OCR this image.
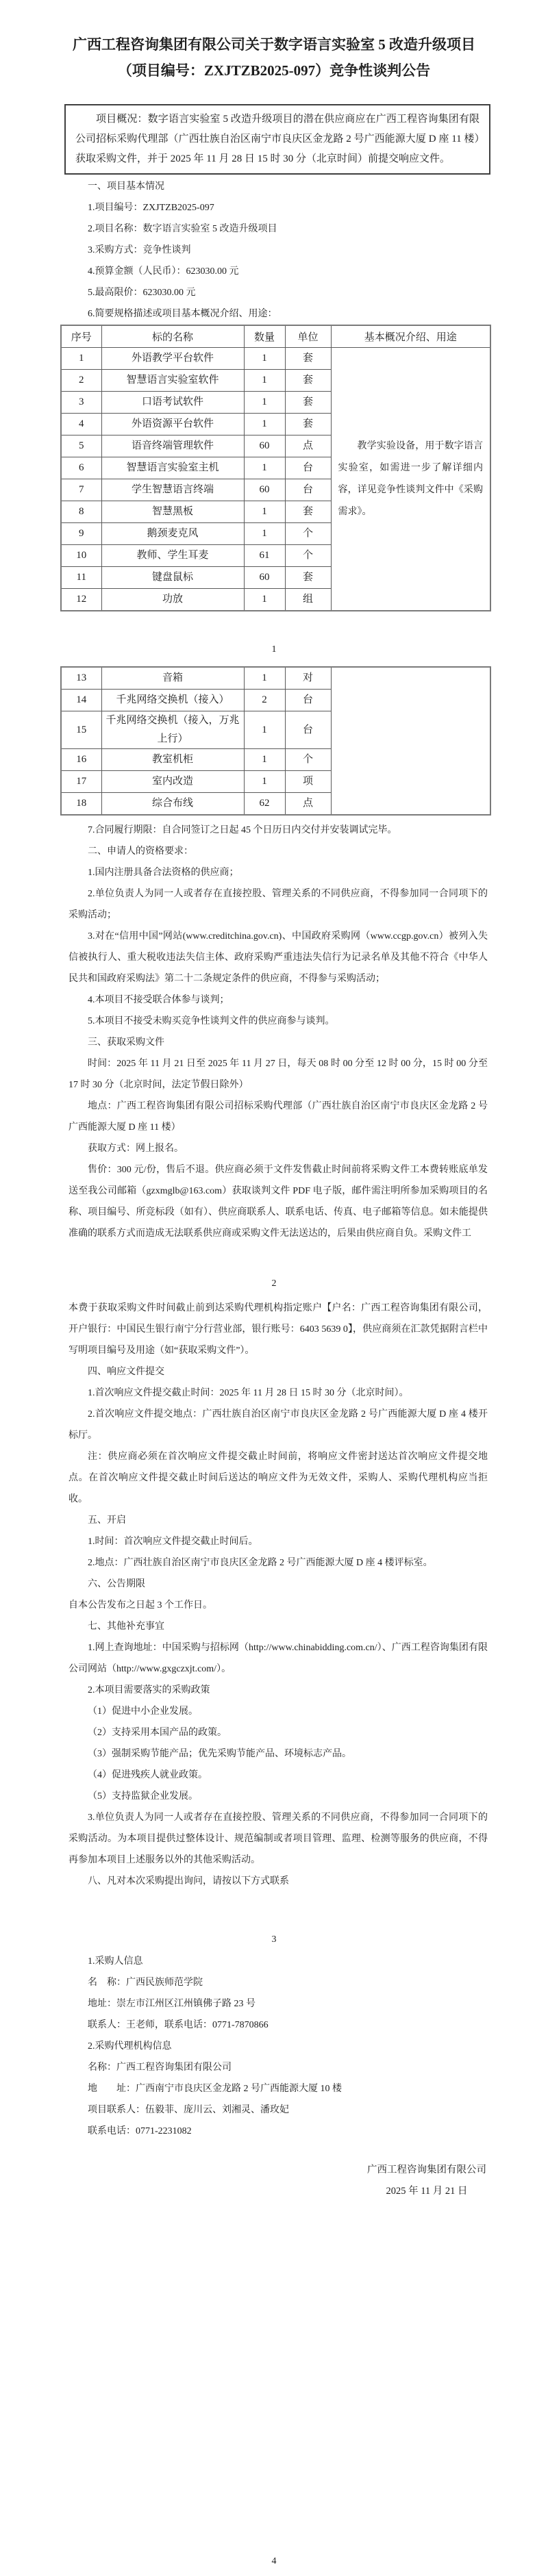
广西工程咨询集团有限公司关于数字语言实验室 5 改造升级项目
（项目编号：ZXJTZB2025-097）竞争性谈判公告

项目概况：数字语言实验室 5 改造升级项目的潜在供应商应在广西工程咨询集团有限公司招标采购代理部（广西壮族自治区南宁市良庆区金龙路 2 号广西能源大厦 D 座 11 楼）获取采购文件，并于 2025 年 11 月 28 日 15 时 30 分（北京时间）前提交响应文件。

一、项目基本情况
1.项目编号：ZXJTZB2025-097
2.项目名称：数字语言实验室 5 改造升级项目
3.采购方式：竞争性谈判
4.预算金额（人民币）：623030.00 元
5.最高限价：623030.00 元
6.简要规格描述或项目基本概况介绍、用途：
序号	标的名称	数量	单位	基本概况介绍、用途
1	外语教学平台软件	1	套	教学实验设备，用于数字语言实验室，如需进一步了解详细内容，详见竞争性谈判文件中《采购需求》。
2	智慧语言实验室软件	1	套	
3	口语考试软件	1	套	
4	外语资源平台软件	1	套	
5	语音终端管理软件	60	点	
6	智慧语言实验室主机	1	台	
7	学生智慧语言终端	60	台	
8	智慧黑板	1	套	
9	鹅颈麦克风	1	个	
10	教师、学生耳麦	61	个	
11	键盘鼠标	60	套	
12	功放	1	组	
1
13	音箱	1	对	
14	千兆网络交换机（接入）	2	台	
15	千兆网络交换机（接入，万兆上行）	1	台	
16	教室机柜	1	个	
17	室内改造	1	项	
18	综合布线	62	点	
7.合同履行期限：自合同签订之日起 45 个日历日内交付并安装调试完毕。
二、申请人的资格要求：
1.国内注册具备合法资格的供应商；
2.单位负责人为同一人或者存在直接控股、管理关系的不同供应商，不得参加同一合同项下的采购活动；
3.对在“信用中国”网站(www.creditchina.gov.cn)、中国政府采购网（www.ccgp.gov.cn）被列入失信被执行人、重大税收违法失信主体、政府采购严重违法失信行为记录名单及其他不符合《中华人民共和国政府采购法》第二十二条规定条件的供应商，不得参与采购活动；
4.本项目不接受联合体参与谈判；
5.本项目不接受未购买竞争性谈判文件的供应商参与谈判。
三、获取采购文件
时间：2025 年 11 月 21 日至 2025 年 11 月 27 日，每天 08 时 00 分至 12 时 00 分，15 时 00 分至 17 时 30 分（北京时间，法定节假日除外）
地点：广西工程咨询集团有限公司招标采购代理部（广西壮族自治区南宁市良庆区金龙路 2 号广西能源大厦 D 座 11 楼）
获取方式：网上报名。
售价：300 元/份，售后不退。供应商必须于文件发售截止时间前将采购文件工本费转账底单发送至我公司邮箱（gzxmglb@163.com）获取谈判文件 PDF 电子版，邮件需注明所参加采购项目的名称、项目编号、所竞标段（如有）、供应商联系人、联系电话、传真、电子邮箱等信息。如未能提供准确的联系方式而造成无法联系供应商或采购文件无法送达的，后果由供应商自负。采购文件工
2
本费于获取采购文件时间截止前到达采购代理机构指定账户【户名：广西工程咨询集团有限公司，开户银行：中国民生银行南宁分行营业部，银行账号：6403 5639 0】，供应商须在汇款凭据附言栏中写明项目编号及用途（如“获取采购文件”）。
四、响应文件提交
1.首次响应文件提交截止时间：2025 年 11 月 28 日 15 时 30 分（北京时间）。
2.首次响应文件提交地点：广西壮族自治区南宁市良庆区金龙路 2 号广西能源大厦 D 座 4 楼开标厅。
注：供应商必须在首次响应文件提交截止时间前，将响应文件密封送达首次响应文件提交地点。在首次响应文件提交截止时间后送达的响应文件为无效文件，采购人、采购代理机构应当拒收。
五、开启
1.时间：首次响应文件提交截止时间后。
2.地点：广西壮族自治区南宁市良庆区金龙路 2 号广西能源大厦 D 座 4 楼评标室。
六、公告期限
自本公告发布之日起 3 个工作日。
七、其他补充事宜
1.网上查询地址：中国采购与招标网（http://www.chinabidding.com.cn/）、广西工程咨询集团有限公司网站（http://www.gxgczxjt.com/）。
2.本项目需要落实的采购政策
（1）促进中小企业发展。
（2）支持采用本国产品的政策。
（3）强制采购节能产品；优先采购节能产品、环境标志产品。
（4）促进残疾人就业政策。
（5）支持监狱企业发展。
3.单位负责人为同一人或者存在直接控股、管理关系的不同供应商，不得参加同一合同项下的采购活动。为本项目提供过整体设计、规范编制或者项目管理、监理、检测等服务的供应商，不得再参加本项目上述服务以外的其他采购活动。
八、凡对本次采购提出询问，请按以下方式联系
3
1.采购人信息
名　称：广西民族师范学院
地址：崇左市江州区江州镇佛子路 23 号
联系人：王老师，联系电话：0771-7870866
2.采购代理机构信息
名称：广西工程咨询集团有限公司
地　　址：广西南宁市良庆区金龙路 2 号广西能源大厦 10 楼
项目联系人：伍毅菲、庞川云、刘湘灵、潘玫妃
联系电话：0771-2231082
广西工程咨询集团有限公司
2025 年 11 月 21 日
4
